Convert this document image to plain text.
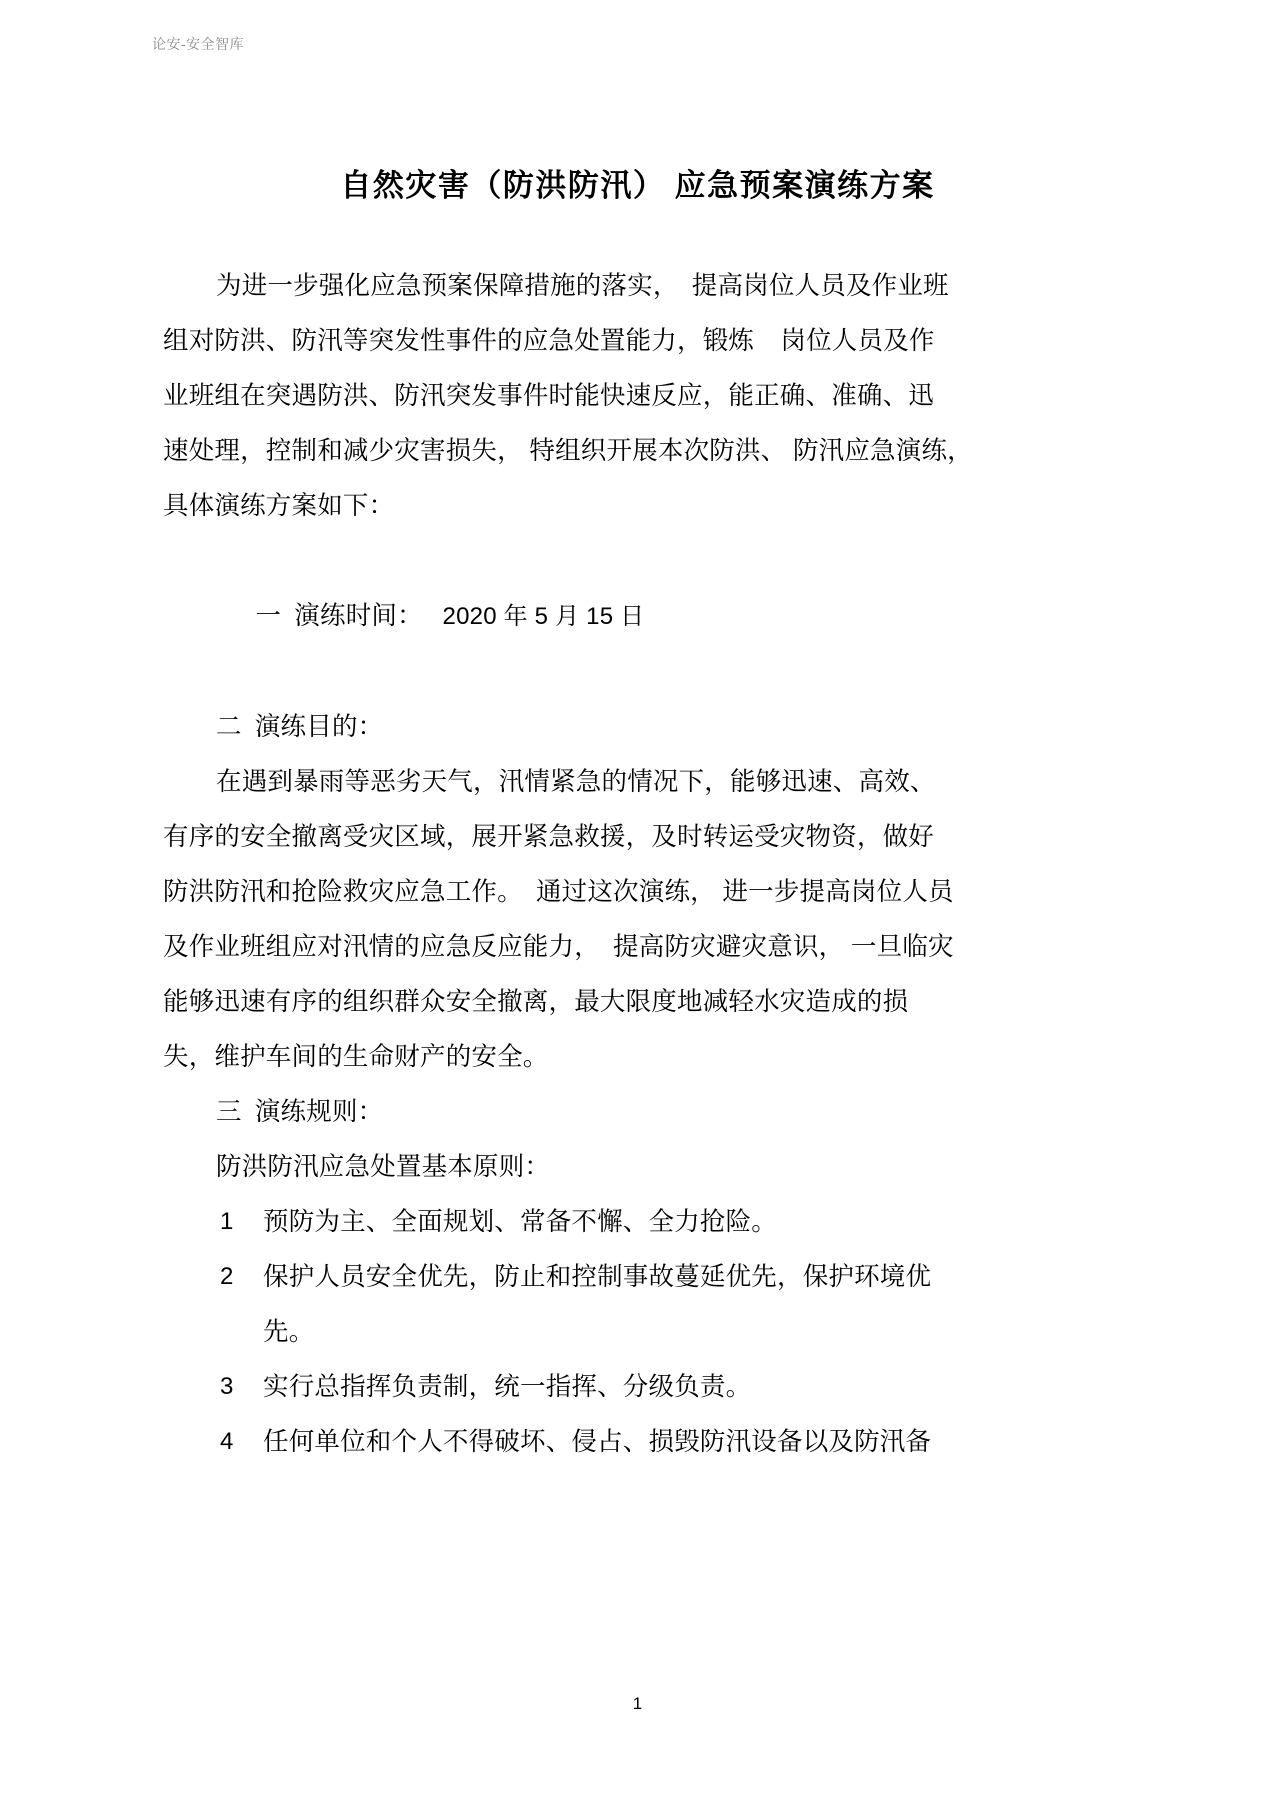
论安-安全智库
自然灾害（防洪防汛） 应急预案演练方案
为进一步强化应急预案保障措施的落实，  提高岗位人员及作业班
组对防洪、防汛等突发性事件的应急处置能力，锻炼    岗位人员及作
业班组在突遇防洪、防汛突发事件时能快速反应，能正确、准确、迅
速处理，控制和减少灾害损失， 特组织开展本次防洪、 防汛应急演练，
具体演练方案如下：

一  演练时间： 2020 年 5 月 15 日

二  演练目的：
在遇到暴雨等恶劣天气，汛情紧急的情况下，能够迅速、高效、
有序的安全撤离受灾区域，展开紧急救援，及时转运受灾物资，做好
防洪防汛和抢险救灾应急工作。  通过这次演练， 进一步提高岗位人员
及作业班组应对汛情的应急反应能力，  提高防灾避灾意识， 一旦临灾
能够迅速有序的组织群众安全撤离，最大限度地减轻水灾造成的损
失，维护车间的生命财产的安全。
三  演练规则：
防洪防汛应急处置基本原则：
1	预防为主、全面规划、常备不懈、全力抢险。
2	保护人员安全优先，防止和控制事故蔓延优先，保护环境优
先。
3	实行总指挥负责制，统一指挥、分级负责。
4	任何单位和个人不得破坏、侵占、损毁防汛设备以及防汛备
1
